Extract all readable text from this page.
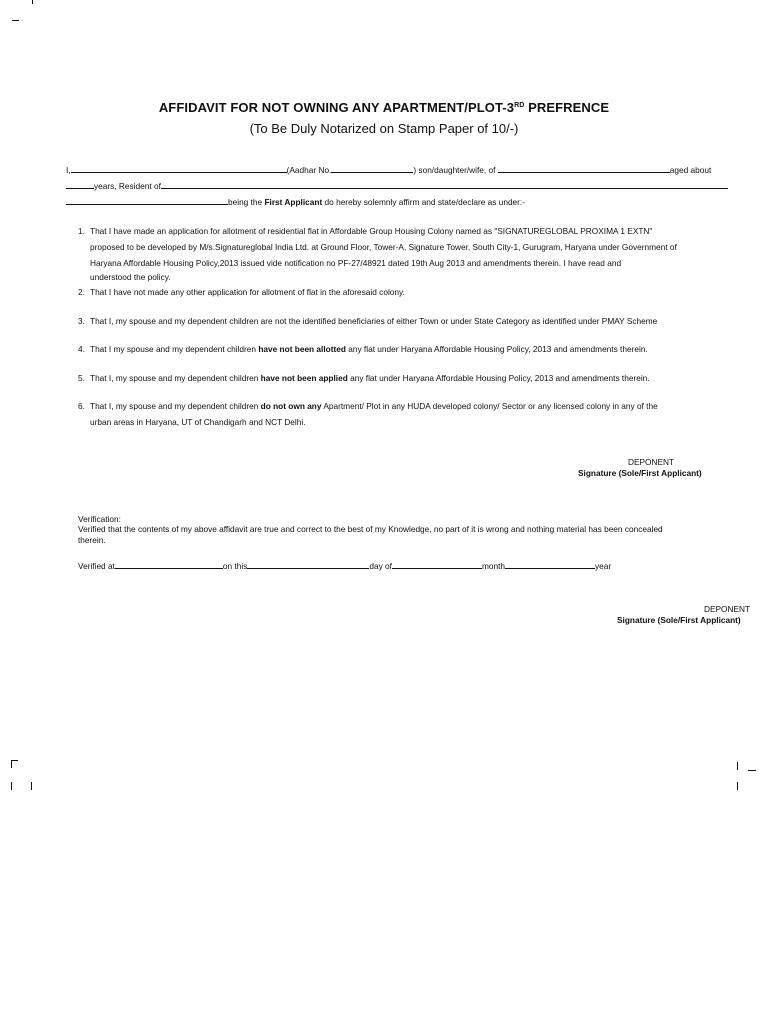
AFFIDAVIT FOR NOT OWNING ANY APARTMENT/PLOT-3RD PREFRENCE
(To Be Duly Notarized on Stamp Paper of 10/-)
I,	(Aadhar No.	) son/daughter/wife, of	aged about
years, Resident of
being the First Applicant do hereby solemnly affirm and state/declare as under:-
1. That I have made an application for allotment of residential flat in Affordable Group Housing Colony named as "SIGNATUREGLOBAL PROXIMA 1 EXTN"
proposed to be developed by M/s.Signatureglobal India Ltd. at Ground Floor, Tower-A, Signature Tower, South City-1, Gurugram, Haryana under Government of
Haryana Affordable Housing Policy,2013 issued vide notification no PF-27/48921 dated 19th Aug 2013 and amendments therein. I have read and
understood the policy.
2. That I have not made any other application for allotment of flat in the aforesaid colony.
3. That I, my spouse and my dependent children are not the identified beneficiaries of either Town or under State Category as identified under PMAY Scheme
4. That I my spouse and my dependent children have not been allotted any flat under Haryana Affordable Housing Policy, 2013 and amendments therein.
5. That I, my spouse and my dependent children have not been applied any flat under Haryana Affordable Housing Policy, 2013 and amendments therein.
6. That I, my spouse and my dependent children do not own any Apartment/ Plot in any HUDA developed colony/ Sector or any licensed colony in any of the
urban areas in Haryana, UT of Chandigarh and NCT Delhi.
DEPONENT
Signature (Sole/First Applicant)
Verification:
Verified that the contents of my above affidavit are true and correct to the best of my Knowledge, no part of it is wrong and nothing material has been concealed
therein.
Verified at	on this	day of	month	year
DEPONENT
Signature (Sole/First Applicant)
